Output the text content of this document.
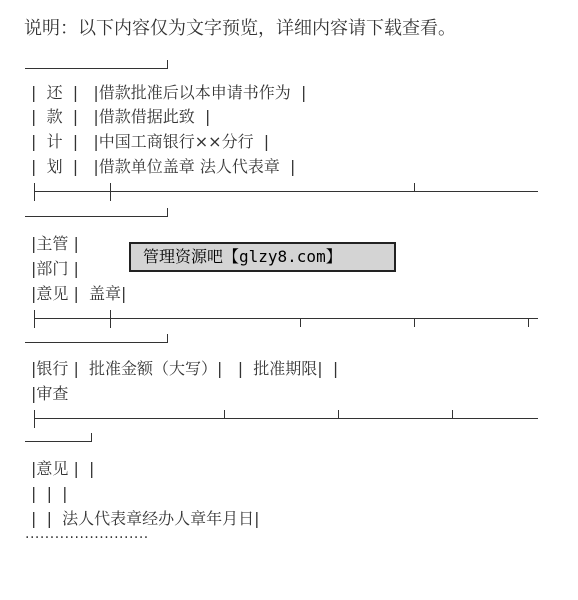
说明：以下内容仅为文字预览，详细内容请下载查看。
|  还  |   |借款批准后以本申请书作为  |
|  款  |   |借款借据此致  |
|  计  |   |中国工商银行××分行  |
|  划  |   |借款单位盖章 法人代表章  |
|主管 |
|部门 |
|意见 |  盖章|
管理资源吧【glzy8.com】
|银行 |  批准金额（大写）|   |  批准期限|  |
|审查
|意见 |  |
|  |  |
|  |  法人代表章经办人章年月日|
·························
